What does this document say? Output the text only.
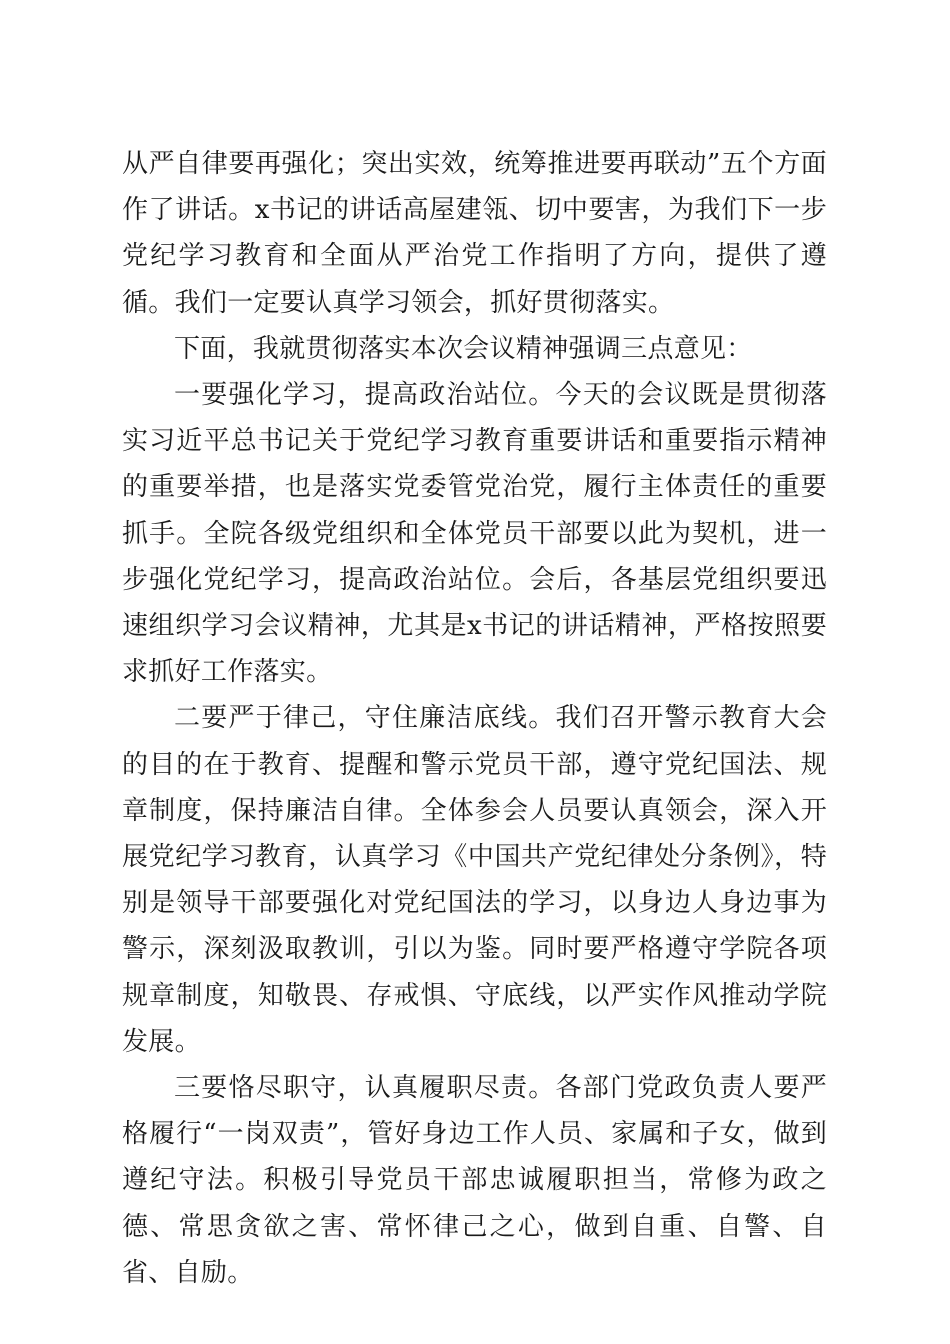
从严自律要再强化；突出实效，统筹推进要再联动”五个方面作了讲话。x书记的讲话高屋建瓴、切中要害，为我们下一步党纪学习教育和全面从严治党工作指明了方向，提供了遵循。我们一定要认真学习领会，抓好贯彻落实。

下面，我就贯彻落实本次会议精神强调三点意见：

一要强化学习，提高政治站位。今天的会议既是贯彻落实习近平总书记关于党纪学习教育重要讲话和重要指示精神的重要举措，也是落实党委管党治党，履行主体责任的重要抓手。全院各级党组织和全体党员干部要以此为契机，进一步强化党纪学习，提高政治站位。会后，各基层党组织要迅速组织学习会议精神，尤其是x书记的讲话精神，严格按照要求抓好工作落实。

二要严于律己，守住廉洁底线。我们召开警示教育大会的目的在于教育、提醒和警示党员干部，遵守党纪国法、规章制度，保持廉洁自律。全体参会人员要认真领会，深入开展党纪学习教育，认真学习《中国共产党纪律处分条例》，特别是领导干部要强化对党纪国法的学习，以身边人身边事为警示，深刻汲取教训，引以为鉴。同时要严格遵守学院各项规章制度，知敬畏、存戒惧、守底线，以严实作风推动学院发展。

三要恪尽职守，认真履职尽责。各部门党政负责人要严格履行“一岗双责”，管好身边工作人员、家属和子女，做到遵纪守法。积极引导党员干部忠诚履职担当，常修为政之德、常思贪欲之害、常怀律己之心，做到自重、自警、自省、自励。
